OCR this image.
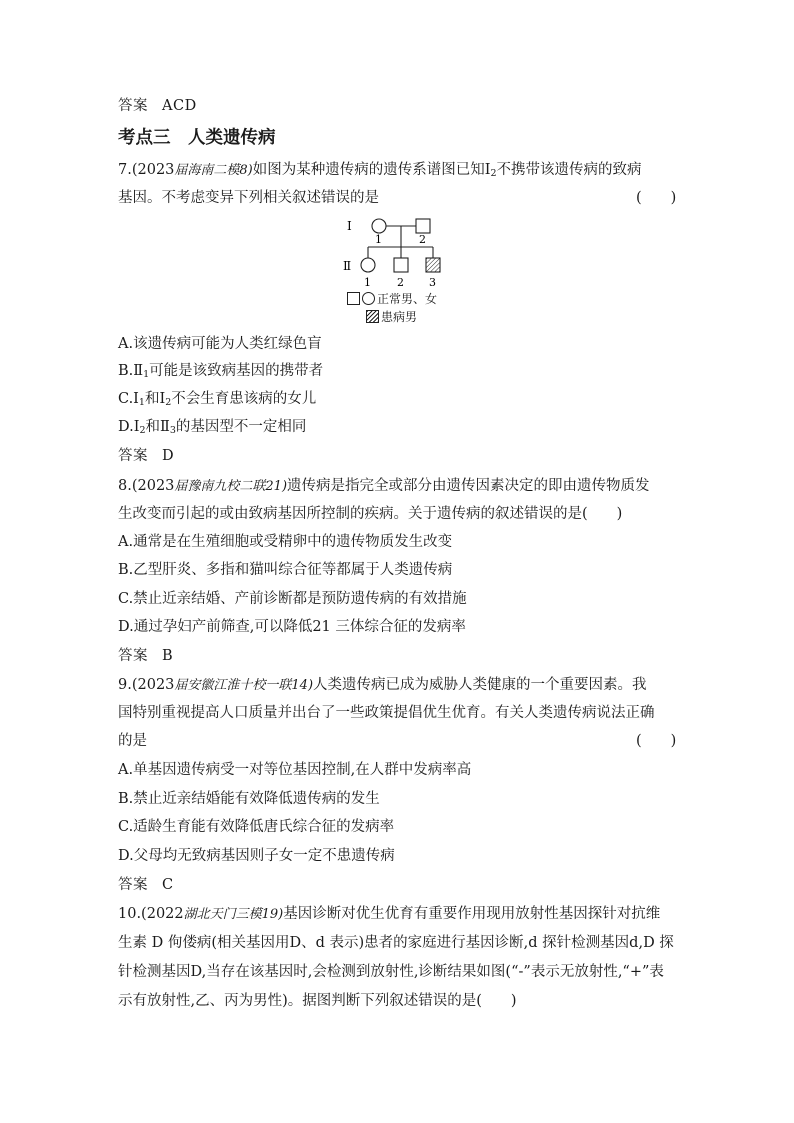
答案 ACD
考点三　人类遗传病
7.(2023届海南二模8)如图为某种遗传病的遗传系谱图已知$Ⅰ_2$不携带该遗传病的致病
基因。不考虑变异下列相关叙述错误的是	(　　)
Ⅰ
1	2
Ⅱ
1 2 3
正常男、女
患病男
A.该遗传病可能为人类红绿色盲
$B.Ⅱ_1$可能是该致病基因的携带者
$C.Ⅰ_1$和$Ⅰ_2$不会生育患该病的女儿
$D.Ⅰ_2$和$Ⅱ_3$的基因型不一定相同
答案 D
8.(2023届豫南九校二联21)遗传病是指完全或部分由遗传因素决定的即由遗传物质发
生改变而引起的或由致病基因所控制的疾病。关于遗传病的叙述错误的是(　　)
A.通常是在生殖细胞或受精卵中的遗传物质发生改变
B.乙型肝炎、多指和猫叫综合征等都属于人类遗传病
C.禁止近亲结婚、产前诊断都是预防遗传病的有效措施
D.通过孕妇产前筛查,可以降低21 三体综合征的发病率
答案 B
9.(2023届安徽江淮十校一联14)人类遗传病已成为威胁人类健康的一个重要因素。我
国特别重视提高人口质量并出台了一些政策提倡优生优育。有关人类遗传病说法正确
的是	(　　)
A.单基因遗传病受一对等位基因控制,在人群中发病率高
B.禁止近亲结婚能有效降低遗传病的发生
C.适龄生育能有效降低唐氏综合征的发病率
D.父母均无致病基因则子女一定不患遗传病
答案 C
10.(2022湖北天门三模19)基因诊断对优生优育有重要作用现用放射性基因探针对抗维
生素 D 佝偻病(相关基因用D、d 表示)患者的家庭进行基因诊断,d 探针检测基因d,D 探
针检测基因D,当存在该基因时,会检测到放射性,诊断结果如图(“-”表示无放射性,“+”表
示有放射性,乙、丙为男性)。据图判断下列叙述错误的是(　　)
